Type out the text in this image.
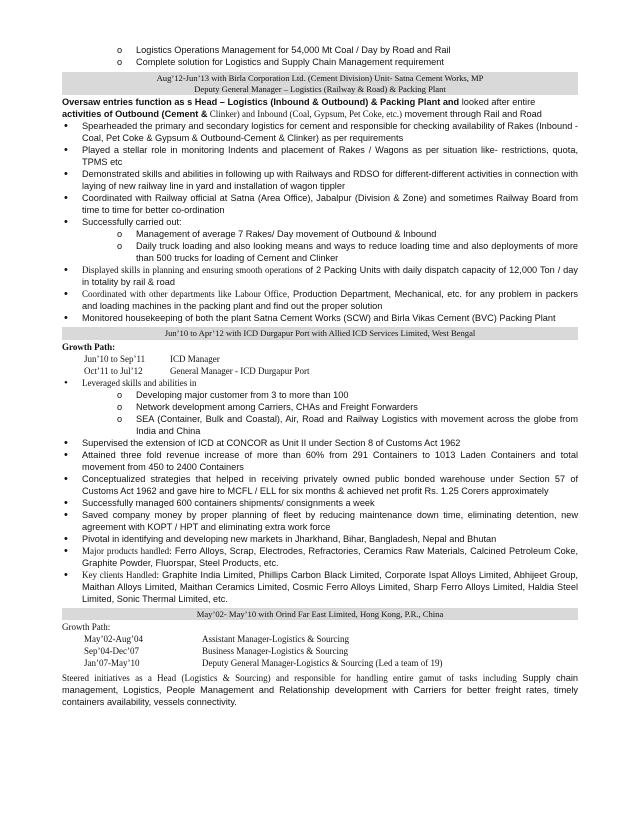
o	Logistics Operations Management for 54,000 Mt Coal / Day by Road and Rail
o	Complete solution for Logistics and Supply Chain Management requirement
Aug’12-Jun’13 with Birla Corporation Ltd. (Cement Division) Unit- Satna Cement Works, MP
Deputy General Manager – Logistics (Railway & Road) & Packing Plant

Oversaw entries function as s Head – Logistics (Inbound & Outbound) & Packing Plant and looked after entire

activities of Outbound (Cement & Clinker) and Inbound (Coal, Gypsum, Pet Coke, etc.) movement through Rail and Road

•	Spearheaded the primary and secondary logistics for cement and responsible for checking availability of Rakes (Inbound - Coal, Pet Coke & Gypsum & Outbound-Cement & Clinker) as per requirements
•	Played a stellar role in monitoring Indents and placement of Rakes / Wagons as per situation like- restrictions, quota, TPMS etc
•	Demonstrated skills and abilities in following up with Railways and RDSO for different-different activities in connection with laying of new railway line in yard and installation of wagon tippler
•	Coordinated with Railway official at Satna (Area Office), Jabalpur (Division & Zone) and sometimes Railway Board from time to time for better co-ordination
•	Successfully carried out:
o	Management of average 7 Rakes/ Day movement of Outbound & Inbound
o	Daily truck loading and also looking means and ways to reduce loading time and also deployments of more than 500 trucks for loading of Cement and Clinker
•	Displayed skills in planning and ensuring smooth operations of 2 Packing Units with daily dispatch capacity of 12,000 Ton / day in totality by rail & road
•	Coordinated with other departments like Labour Office, Production Department, Mechanical, etc. for any problem in packers and loading machines in the packing plant and find out the proper solution
•	Monitored housekeeping of both the plant Satna Cement Works (SCW) and Birla Vikas Cement (BVC) Packing Plant
Jun’10 to Apr’12 with ICD Durgapur Port with Allied ICD Services Limited, West Bengal

Growth Path:

Jun’10 to Sep’11	ICD Manager
Oct’11 to Jul’12	General Manager - ICD Durgapur Port
•	Leveraged skills and abilities in
o	Developing major customer from 3 to more than 100
o	Network development among Carriers, CHAs and Freight Forwarders
o	SEA (Container, Bulk and Coastal), Air, Road and Railway Logistics with movement across the globe from India and China
•	Supervised the extension of ICD at CONCOR as Unit II under Section 8 of Customs Act 1962
•	Attained three fold revenue increase of more than 60% from 291 Containers to 1013 Laden Containers and total movement from 450 to 2400 Containers
•	Conceptualized strategies that helped in receiving privately owned public bonded warehouse under Section 57 of Customs Act 1962 and gave hire to MCFL / ELL for six months & achieved net profit Rs. 1.25 Corers approximately
•	Successfully managed 600 containers shipments/ consignments a week
•	Saved company money by proper planning of fleet by reducing maintenance down time, eliminating detention, new agreement with KOPT / HPT and eliminating extra work force
•	Pivotal in identifying and developing new markets in Jharkhand, Bihar, Bangladesh, Nepal and Bhutan
•	Major products handled: Ferro Alloys, Scrap, Electrodes, Refractories, Ceramics Raw Materials, Calcined Petroleum Coke, Graphite Powder, Fluorspar, Steel Products, etc.
•	Key clients Handled: Graphite India Limited, Phillips Carbon Black Limited, Corporate Ispat Alloys Limited, Abhijeet Group, Maithan Alloys Limited, Maithan Ceramics Limited, Cosmic Ferro Alloys Limited, Sharp Ferro Alloys Limited, Haldia Steel Limited, Sonic Thermal Limited, etc.
May’02- May’10 with Orind Far East Limited, Hong Kong, P.R., China

Growth Path:

May’02-Aug’04	Assistant Manager-Logistics & Sourcing
Sep’04-Dec’07	Business Manager-Logistics & Sourcing
Jan’07-May’10	Deputy General Manager-Logistics & Sourcing (Led a team of 19)

Steered initiatives as a Head (Logistics & Sourcing) and responsible for handling entire gamut of tasks including Supply chain management, Logistics, People Management and Relationship development with Carriers for better freight rates, timely containers availability, vessels connectivity.
